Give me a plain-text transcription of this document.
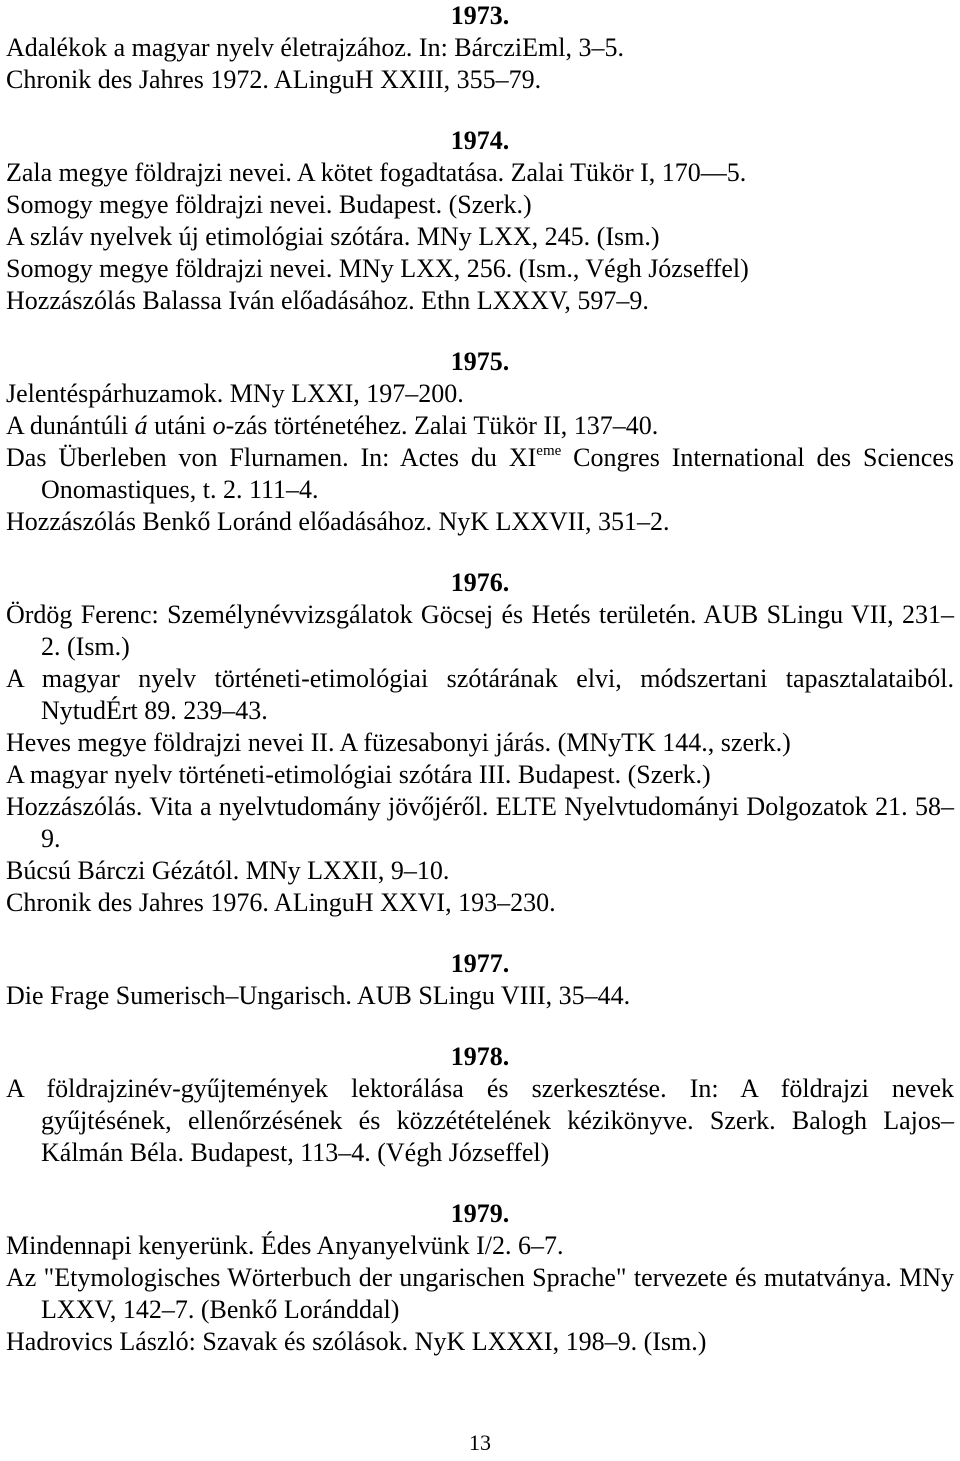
1973.
Adalékok a magyar nyelv életrajzához. In: BárcziEml, 3–5.
Chronik des Jahres 1972. ALinguH XXIII, 355–79.
1974.
Zala megye földrajzi nevei. A kötet fogadtatása. Zalai Tükör I, 170—5.
Somogy megye földrajzi nevei. Budapest. (Szerk.)
A szláv nyelvek új etimológiai szótára. MNy LXX, 245. (Ism.)
Somogy megye földrajzi nevei. MNy LXX, 256. (Ism., Végh Józseffel)
Hozzászólás Balassa Iván előadásához. Ethn LXXXV, 597–9.
1975.
Jelentéspárhuzamok. MNy LXXI, 197–200.
A dunántúli á utáni o-zás történetéhez. Zalai Tükör II, 137–40.
Das Überleben von Flurnamen. In: Actes du XIeme Congres International des Sciences Onomastiques, t. 2. 111–4.
Hozzászólás Benkő Loránd előadásához. NyK LXXVII, 351–2.
1976.
Ördög Ferenc: Személynévvizsgálatok Göcsej és Hetés területén. AUB SLingu VII, 231–2. (Ism.)
A magyar nyelv történeti-etimológiai szótárának elvi, módszertani tapasztalataiból. NytudÉrt 89. 239–43.
Heves megye földrajzi nevei II. A füzesabonyi járás. (MNyTK 144., szerk.)
A magyar nyelv történeti-etimológiai szótára III. Budapest. (Szerk.)
Hozzászólás. Vita a nyelvtudomány jövőjéről. ELTE Nyelvtudományi Dolgozatok 21. 58–9.
Búcsú Bárczi Gézától. MNy LXXII, 9–10.
Chronik des Jahres 1976. ALinguH XXVI, 193–230.
1977.
Die Frage Sumerisch–Ungarisch. AUB SLingu VIII, 35–44.
1978.
A földrajzinév-gyűjtemények lektorálása és szerkesztése. In: A földrajzi nevek gyűjtésének, ellenőrzésének és közzétételének kézikönyve. Szerk. Balogh Lajos–Kálmán Béla. Budapest, 113–4. (Végh Józseffel)
1979.
Mindennapi kenyerünk. Édes Anyanyelvünk I/2. 6–7.
Az "Etymologisches Wörterbuch der ungarischen Sprache" tervezete és mutatványa. MNy LXXV, 142–7. (Benkő Loránddal)
Hadrovics László: Szavak és szólások. NyK LXXXI, 198–9. (Ism.)
13
